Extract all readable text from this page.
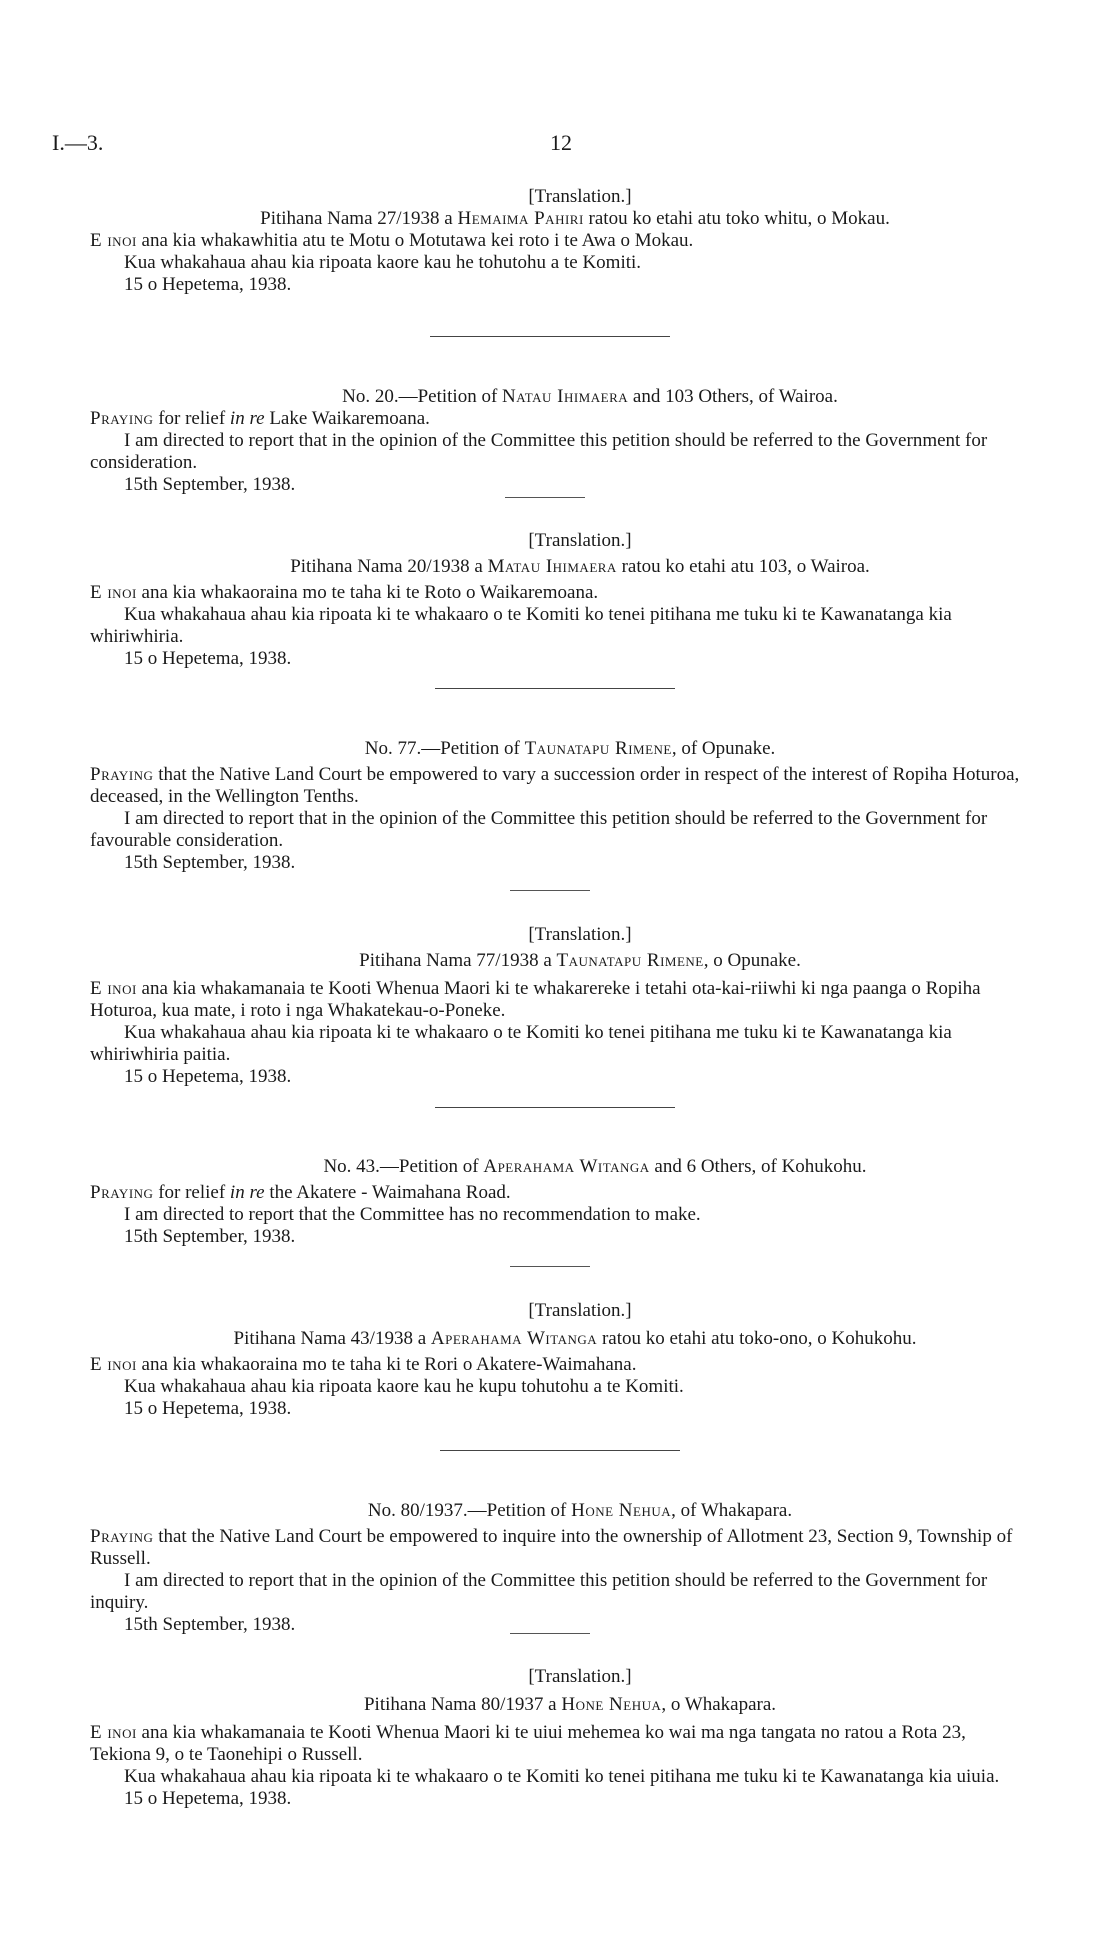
I.—3.	12

[Translation.]

Pitihana Nama 27/1938 a Hemaima Pahiri ratou ko etahi atu toko whitu, o Mokau.

E inoi ana kia whakawhitia atu te Motu o Motutawa kei roto i te Awa o Mokau.

Kua whakahaua ahau kia ripoata kaore kau he tohutohu a te Komiti.

15 o Hepetema, 1938.

No. 20.—Petition of Natau Ihimaera and 103 Others, of Wairoa.

Praying for relief in re Lake Waikaremoana.

I am directed to report that in the opinion of the Committee this petition should be referred to the Government for consideration.

15th September, 1938.

[Translation.]

Pitihana Nama 20/1938 a Matau Ihimaera ratou ko etahi atu 103, o Wairoa.

E inoi ana kia whakaoraina mo te taha ki te Roto o Waikaremoana.

Kua whakahaua ahau kia ripoata ki te whakaaro o te Komiti ko tenei pitihana me tuku ki te Kawanatanga kia whiriwhiria.

15 o Hepetema, 1938.

No. 77.—Petition of Taunatapu Rimene, of Opunake.

Praying that the Native Land Court be empowered to vary a succession order in respect of the interest of Ropiha Hoturoa, deceased, in the Wellington Tenths.

I am directed to report that in the opinion of the Committee this petition should be referred to the Government for favourable consideration.

15th September, 1938.

[Translation.]

Pitihana Nama 77/1938 a Taunatapu Rimene, o Opunake.

E inoi ana kia whakamanaia te Kooti Whenua Maori ki te whakarereke i tetahi ota-kai-riiwhi ki nga paanga o Ropiha Hoturoa, kua mate, i roto i nga Whakatekau-o-Poneke.

Kua whakahaua ahau kia ripoata ki te whakaaro o te Komiti ko tenei pitihana me tuku ki te Kawanatanga kia whiriwhiria paitia.

15 o Hepetema, 1938.

No. 43.—Petition of Aperahama Witanga and 6 Others, of Kohukohu.

Praying for relief in re the Akatere - Waimahana Road.

I am directed to report that the Committee has no recommendation to make.

15th September, 1938.

[Translation.]

Pitihana Nama 43/1938 a Aperahama Witanga ratou ko etahi atu toko-ono, o Kohukohu.

E inoi ana kia whakaoraina mo te taha ki te Rori o Akatere-Waimahana.

Kua whakahaua ahau kia ripoata kaore kau he kupu tohutohu a te Komiti.

15 o Hepetema, 1938.

No. 80/1937.—Petition of Hone Nehua, of Whakapara.

Praying that the Native Land Court be empowered to inquire into the ownership of Allotment 23, Section 9, Township of Russell.

I am directed to report that in the opinion of the Committee this petition should be referred to the Government for inquiry.

15th September, 1938.

[Translation.]

Pitihana Nama 80/1937 a Hone Nehua, o Whakapara.

E inoi ana kia whakamanaia te Kooti Whenua Maori ki te uiui mehemea ko wai ma nga tangata no ratou a Rota 23, Tekiona 9, o te Taonehipi o Russell.

Kua whakahaua ahau kia ripoata ki te whakaaro o te Komiti ko tenei pitihana me tuku ki te Kawanatanga kia uiuia.

15 o Hepetema, 1938.
